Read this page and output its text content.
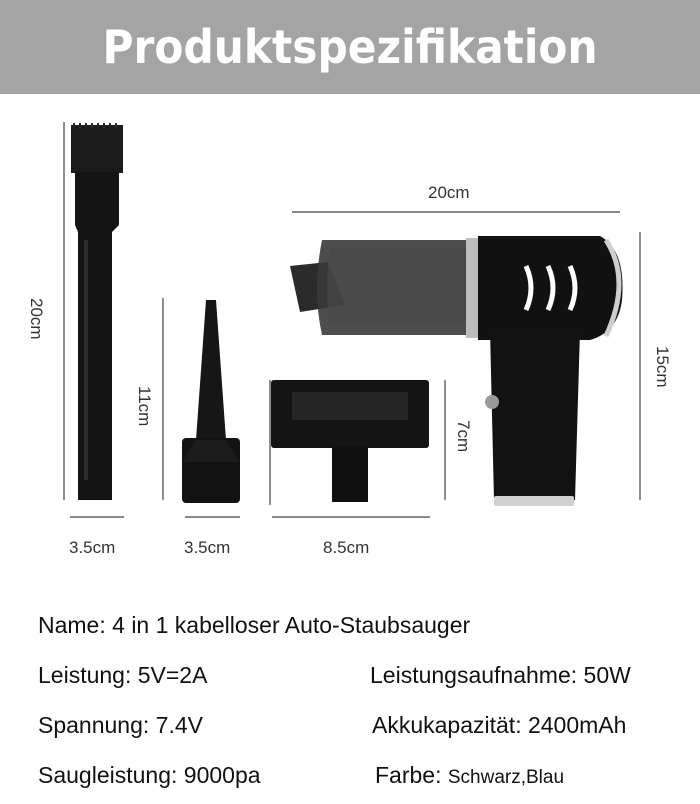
Produktspezifikation
20cm
20cm
11cm
7cm
15cm
3.5cm	3.5cm	8.5cm
Name: 4 in 1 kabelloser Auto-Staubsauger
Leistung: 5V=2A	Leistungsaufnahme: 50W
Spannung: 7.4V	Akkukapazität: 2400mAh
Saugleistung: 9000pa	Farbe: Schwarz,Blau
